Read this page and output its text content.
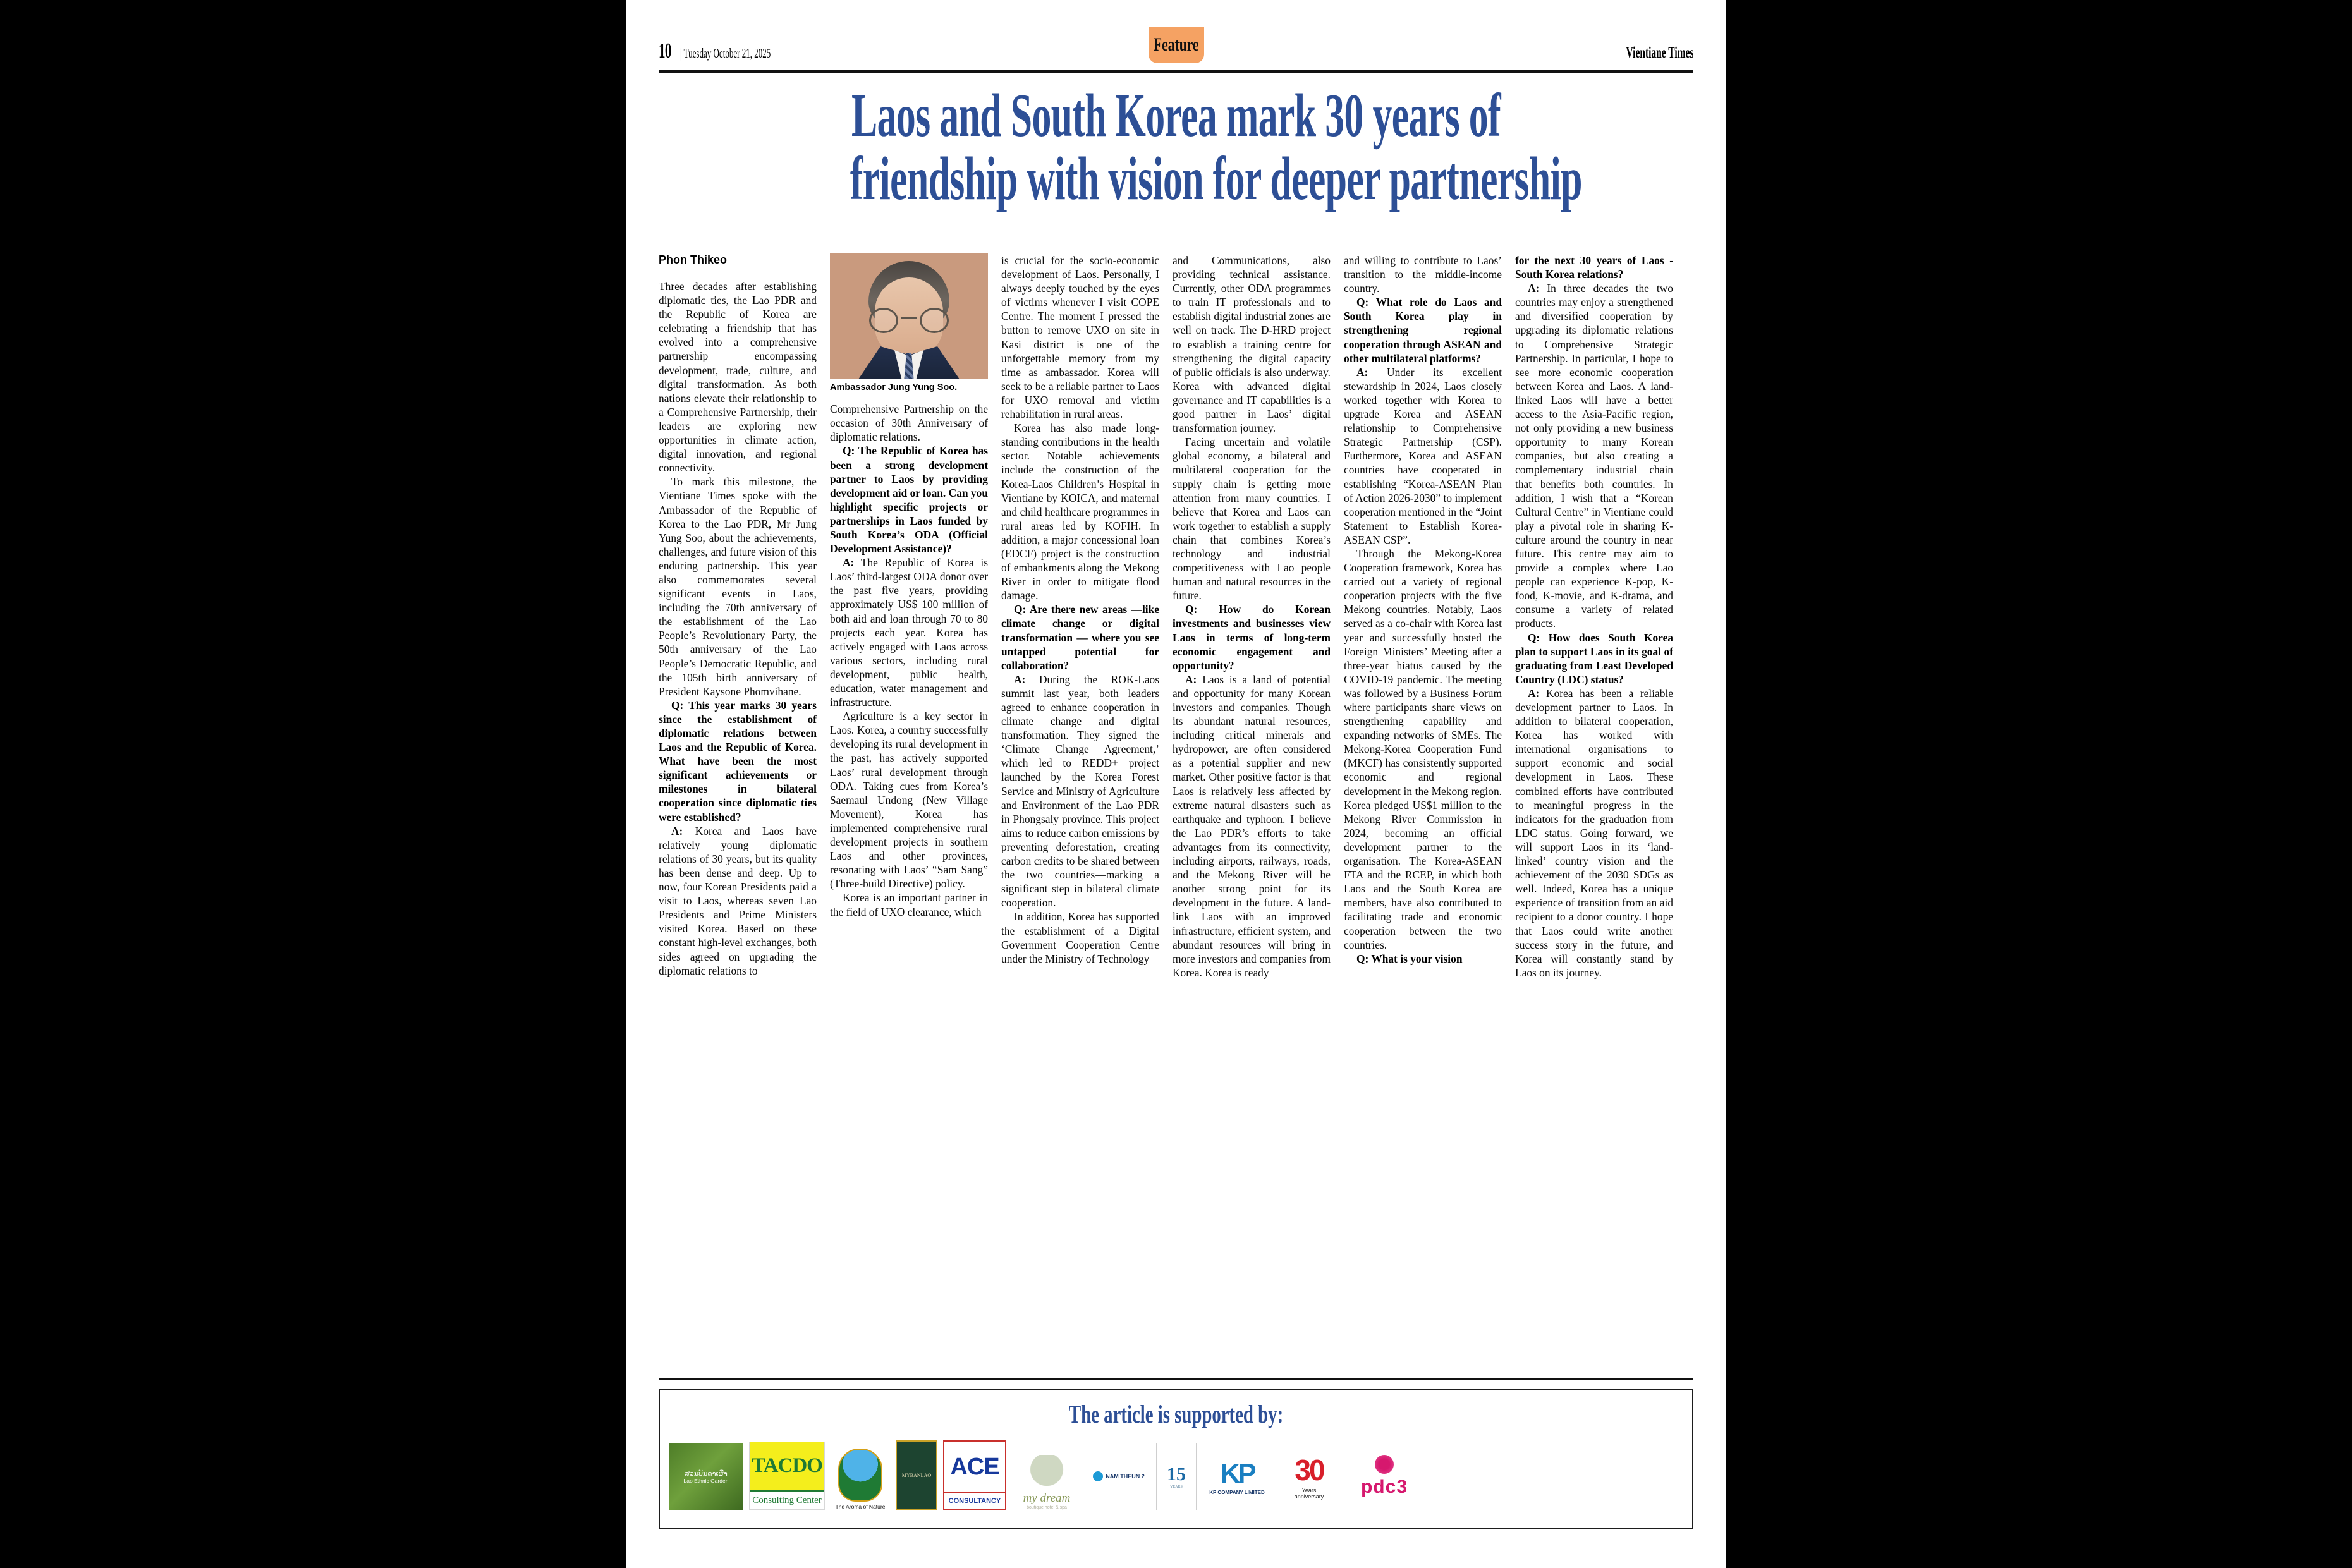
10 | Tuesday October 21, 2025	Feature	Vientiane Times
Laos and South Korea mark 30 years of
friendship with vision for deeper partnership
Phon Thikeo

Three decades after establishing diplomatic ties, the Lao PDR and the Republic of Korea are celebrating a friendship that has evolved into a comprehensive partnership encompassing development, trade, culture, and digital transformation. As both nations elevate their relationship to a Comprehensive Partnership, their leaders are exploring new opportunities in climate action, digital innovation, and regional connectivity.

To mark this milestone, the Vientiane Times spoke with the Ambassador of the Republic of Korea to the Lao PDR, Mr Jung Yung Soo, about the achievements, challenges, and future vision of this enduring partnership. This year also commemorates several significant events in Laos, including the 70th anniversary of the establishment of the Lao People’s Revolutionary Party, the 50th anniversary of the Lao People’s Democratic Republic, and the 105th birth anniversary of President Kaysone Phomvihane.

Q: This year marks 30 years since the establishment of diplomatic relations between Laos and the Republic of Korea. What have been the most significant achievements or milestones in bilateral cooperation since diplomatic ties were established?

A: Korea and Laos have relatively young diplomatic relations of 30 years, but its quality has been dense and deep. Up to now, four Korean Presidents paid a visit to Laos, whereas seven Lao Presidents and Prime Ministers visited Korea. Based on these constant high-level exchanges, both sides agreed on upgrading the diplomatic relations to

Ambassador Jung Yung Soo.

Comprehensive Partnership on the occasion of 30th Anniversary of diplomatic relations.

Q: The Republic of Korea has been a strong development partner to Laos by providing development aid or loan. Can you highlight specific projects or partnerships in Laos funded by South Korea’s ODA (Official Development Assistance)?

A: The Republic of Korea is Laos’ third-largest ODA donor over the past five years, providing approximately US$ 100 million of both aid and loan through 70 to 80 projects each year. Korea has actively engaged with Laos across various sectors, including rural development, public health, education, water management and infrastructure.

Agriculture is a key sector in Laos. Korea, a country successfully developing its rural development in the past, has actively supported Laos’ rural development through ODA. Taking cues from Korea’s Saemaul Undong (New Village Movement), Korea has implemented comprehensive rural development projects in southern Laos and other provinces, resonating with Laos’ “Sam Sang” (Three-build Directive) policy.

Korea is an important partner in the field of UXO clearance, which

is crucial for the socio-economic development of Laos. Personally, I always deeply touched by the eyes of victims whenever I visit COPE Centre. The moment I pressed the button to remove UXO on site in Kasi district is one of the unforgettable memory from my time as ambassador. Korea will seek to be a reliable partner to Laos for UXO removal and victim rehabilitation in rural areas.

Korea has also made long-standing contributions in the health sector. Notable achievements include the construction of the Korea-Laos Children’s Hospital in Vientiane by KOICA, and maternal and child healthcare programmes in rural areas led by KOFIH. In addition, a major concessional loan (EDCF) project is the construction of embankments along the Mekong River in order to mitigate flood damage.

Q: Are there new areas —like climate change or digital transformation — where you see untapped potential for collaboration?

A: During the ROK-Laos summit last year, both leaders agreed to enhance cooperation in climate change and digital transformation. They signed the ‘Climate Change Agreement,’ which led to REDD+ project launched by the Korea Forest Service and Ministry of Agriculture and Environment of the Lao PDR in Phongsaly province. This project aims to reduce carbon emissions by preventing deforestation, creating carbon credits to be shared between the two countries—marking a significant step in bilateral climate cooperation.

In addition, Korea has supported the establishment of a Digital Government Cooperation Centre under the Ministry of Technology

and Communications, also providing technical assistance. Currently, other ODA programmes to train IT professionals and to establish digital industrial zones are well on track. The D-HRD project to establish a training centre for strengthening the digital capacity of public officials is also underway. Korea with advanced digital governance and IT capabilities is a good partner in Laos’ digital transformation journey.

Facing uncertain and volatile global economy, a bilateral and multilateral cooperation for the supply chain is getting more attention from many countries. I believe that Korea and Laos can work together to establish a supply chain that combines Korea’s technology and industrial competitiveness with Lao people human and natural resources in the future.

Q: How do Korean investments and businesses view Laos in terms of long-term economic engagement and opportunity?

A: Laos is a land of potential and opportunity for many Korean investors and companies. Though its abundant natural resources, including critical minerals and hydropower, are often considered as a potential supplier and new market. Other positive factor is that Laos is relatively less affected by extreme natural disasters such as earthquake and typhoon. I believe the Lao PDR’s efforts to take advantages from its connectivity, including airports, railways, roads, and the Mekong River will be another strong point for its development in the future. A land-link Laos with an improved infrastructure, efficient system, and abundant resources will bring in more investors and companies from Korea. Korea is ready

and willing to contribute to Laos’ transition to the middle-income country.

Q: What role do Laos and South Korea play in strengthening regional cooperation through ASEAN and other multilateral platforms?

A: Under its excellent stewardship in 2024, Laos closely worked together with Korea to upgrade Korea and ASEAN relationship to Comprehensive Strategic Partnership (CSP). Furthermore, Korea and ASEAN countries have cooperated in establishing “Korea-ASEAN Plan of Action 2026-2030” to implement cooperation mentioned in the “Joint Statement to Establish Korea-ASEAN CSP”.

Through the Mekong-Korea Cooperation framework, Korea has carried out a variety of regional cooperation projects with the five Mekong countries. Notably, Laos served as a co-chair with Korea last year and successfully hosted the Foreign Ministers’ Meeting after a three-year hiatus caused by the COVID-19 pandemic. The meeting was followed by a Business Forum where participants share views on strengthening capability and expanding networks of SMEs. The Mekong-Korea Cooperation Fund (MKCF) has consistently supported economic and regional development in the Mekong region. Korea pledged US$1 million to the Mekong River Commission in 2024, becoming an official development partner to the organisation. The Korea-ASEAN FTA and the RCEP, in which both Laos and the South Korea are members, have also contributed to facilitating trade and economic cooperation between the two countries.

Q: What is your vision

for the next 30 years of Laos - South Korea relations?

A: In three decades the two countries may enjoy a strengthened and diversified cooperation by upgrading its diplomatic relations to Comprehensive Strategic Partnership. In particular, I hope to see more economic cooperation between Korea and Laos. A land-linked Laos will have a better access to the Asia-Pacific region, not only providing a new business opportunity to many Korean companies, but also creating a complementary industrial chain that benefits both countries. In addition, I wish that a “Korean Cultural Centre” in Vientiane could play a pivotal role in sharing K-culture around the country in near future. This centre may aim to provide a complex where Lao people can experience K-pop, K-food, K-movie, and K-drama, and consume a variety of related products.

Q: How does South Korea plan to support Laos in its goal of graduating from Least Developed Country (LDC) status?

A: Korea has been a reliable development partner to Laos. In addition to bilateral cooperation, Korea has worked with international organisations to support economic and social development in Laos. These combined efforts have contributed to meaningful progress in the indicators for the graduation from LDC status. Going forward, we will support Laos in its ‘land-linked’ country vision and the achievement of the 2030 SDGs as well. Indeed, Korea has a unique experience of transition from an aid recipient to a donor country. I hope that Laos could write another success story in the future, and Korea will constantly stand by Laos on its journey.

The article is supported by:
ສວນບັນດາເຜົ່າ
Lao Ethnic Garden
TACDO
Consulting Center
The Aroma of Nature
MYBANLAO ACE
CONSULTANCY	my dream
boutique hotel & spa
NAM THEUN 2 15
YEARS KP
KP COMPANY LIMITED
30
Years
anniversary pdc3
